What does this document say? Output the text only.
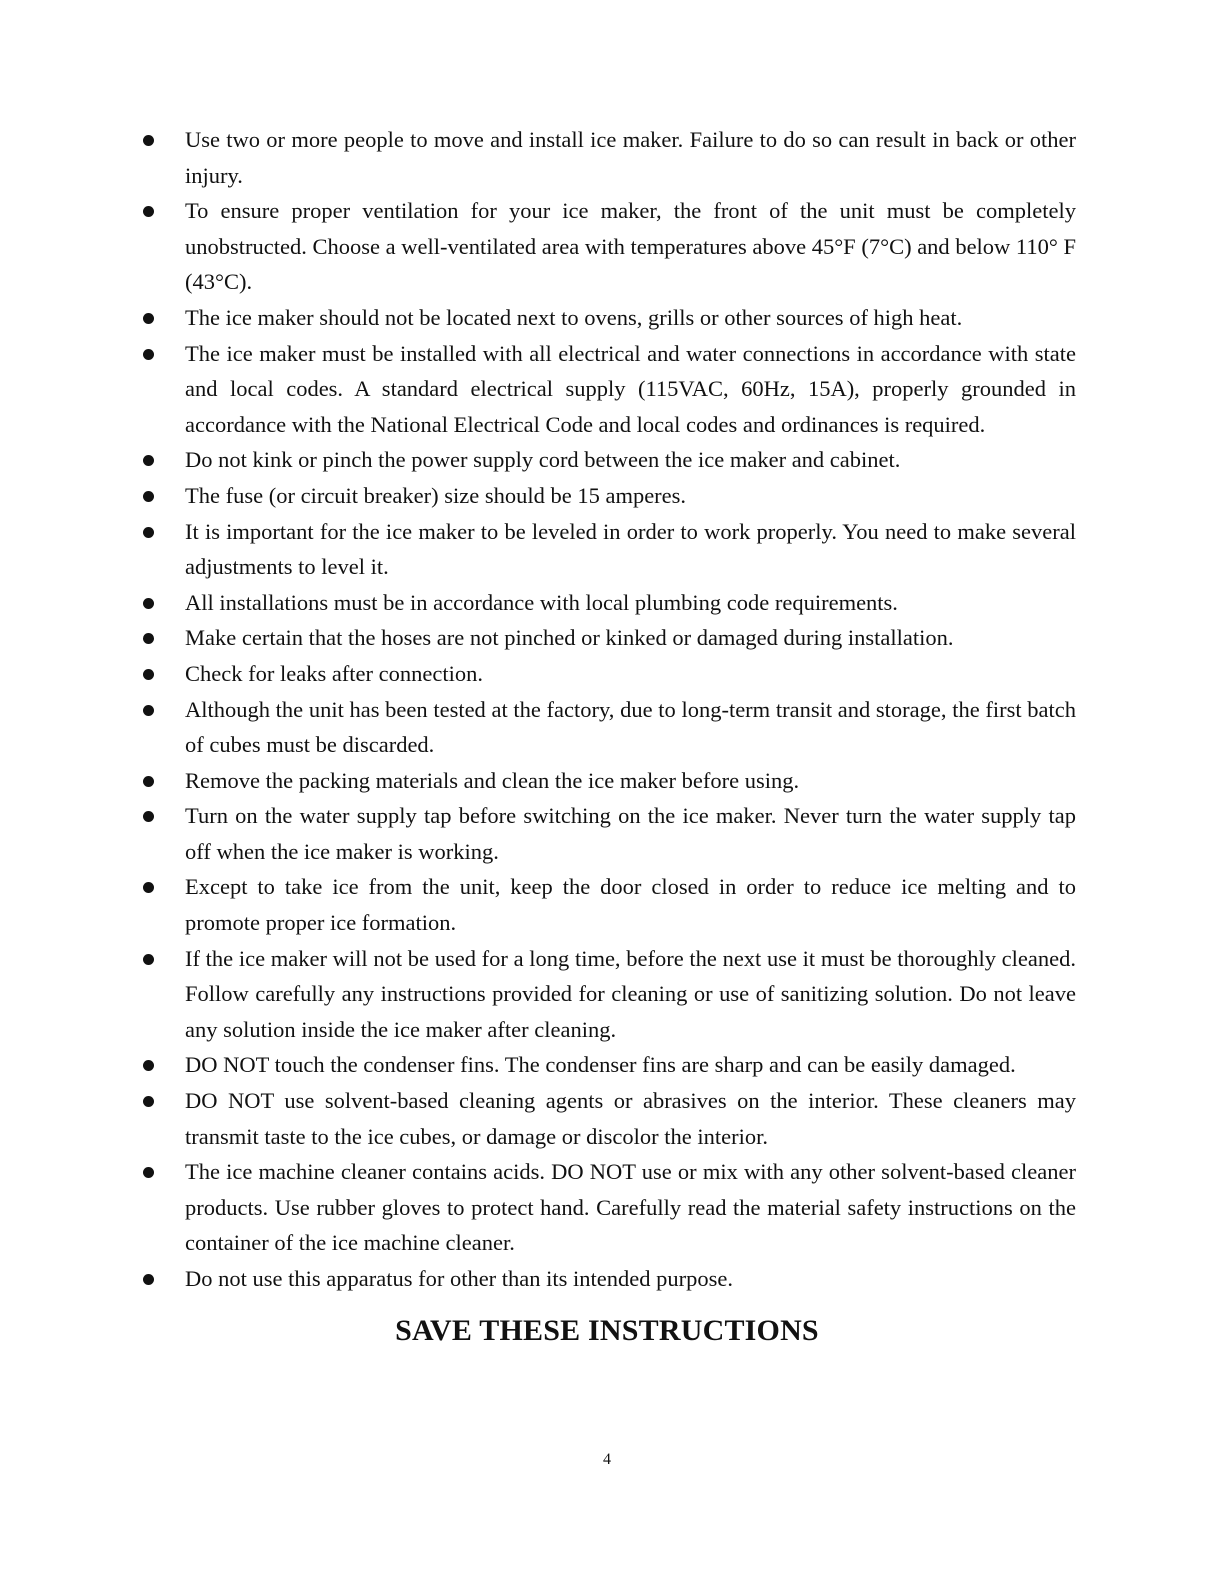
Use two or more people to move and install ice maker. Failure to do so can result in back or other injury.
To ensure proper ventilation for your ice maker, the front of the unit must be completely unobstructed. Choose a well-ventilated area with temperatures above 45°F (7°C) and below 110° F (43°C).
The ice maker should not be located next to ovens, grills or other sources of high heat.
The ice maker must be installed with all electrical and water connections in accordance with state and local codes. A standard electrical supply (115VAC, 60Hz, 15A), properly grounded in accordance with the National Electrical Code and local codes and ordinances is required.
Do not kink or pinch the power supply cord between the ice maker and cabinet.
The fuse (or circuit breaker) size should be 15 amperes.
It is important for the ice maker to be leveled in order to work properly. You need to make several adjustments to level it.
All installations must be in accordance with local plumbing code requirements.
Make certain that the hoses are not pinched or kinked or damaged during installation.
Check for leaks after connection.
Although the unit has been tested at the factory, due to long-term transit and storage, the first batch of cubes must be discarded.
Remove the packing materials and clean the ice maker before using.
Turn on the water supply tap before switching on the ice maker. Never turn the water supply tap off when the ice maker is working.
Except to take ice from the unit, keep the door closed in order to reduce ice melting and to promote proper ice formation.
If the ice maker will not be used for a long time, before the next use it must be thoroughly cleaned. Follow carefully any instructions provided for cleaning or use of sanitizing solution. Do not leave any solution inside the ice maker after cleaning.
DO NOT touch the condenser fins. The condenser fins are sharp and can be easily damaged.
DO NOT use solvent-based cleaning agents or abrasives on the interior. These cleaners may transmit taste to the ice cubes, or damage or discolor the interior.
The ice machine cleaner contains acids. DO NOT use or mix with any other solvent-based cleaner products. Use rubber gloves to protect hand. Carefully read the material safety instructions on the container of the ice machine cleaner.
Do not use this apparatus for other than its intended purpose.
SAVE THESE INSTRUCTIONS
4
